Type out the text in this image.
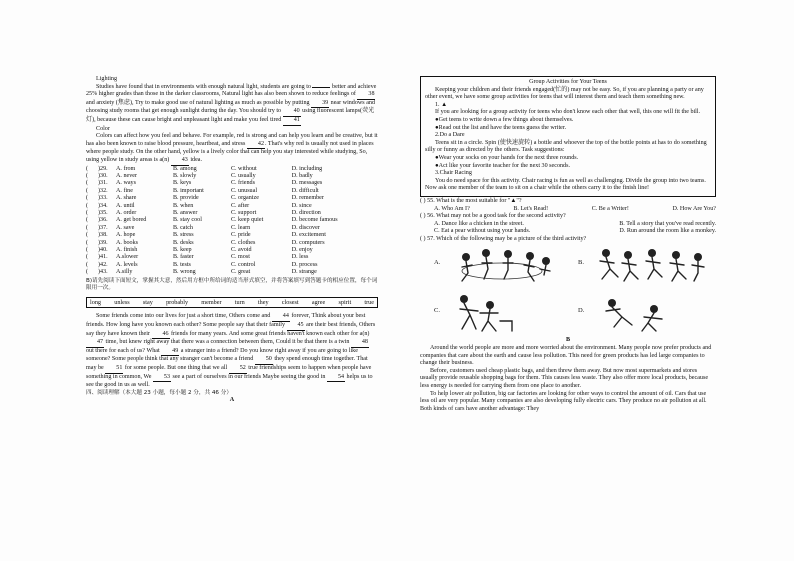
Lighting

Studies have found that in environments with enough natural light, students are going to	better and achieve 25% higher grades than those in the darker classrooms, Natural light has also been shown to reduce feelings of 38 and anxiety (焦虑), Try to make good use of natural lighting as much as possible by putting 39 near windows and choosing study rooms that get enough sunlight during the day. You should try to 40 using fluorescent lamps(荧光灯), because these can cause bright and unpleasant light and make you feel tired 41

Color

Colors can affect how you feel and behave. For example, red is strong and can help you learn and be creative, but it has also been known to raise blood pressure, heartbeat, and stress 42. That's why red is usually not used in places where people study. On the other hand, yellow is a lively color that can help you stay interested while studying, So, using yellow in study areas is a(n) 43 idea.

(	)29.	A. from	B. among	C. without	D. including
(	)30.	A. never	B. slowly	C. usually	D. badly
(	)31.	A. ways	B. keys	C. friends	D. messages
(	)32.	A. fine	B. important	C. unusual	D. difficult
(	)33.	A. share	B. provide	C. organize	D. remember
(	)34.	A. until	B. when	C. after	D. since
(	)35.	A. order	B. answer	C. support	D. direction
(	)36.	A. get bored	B. stay cool	C. keep quiet	D. become famous
(	)37.	A. save	B. catch	C. learn	D. discover
(	)38.	A. hope	B. stress	C. pride	D. excitement
(	)39.	A. books	B. desks	C. clothes	D. computers
(	)40.	A. finish	B. keep	C. avoid	D. enjoy
(	)41.	A.slower	B. faster	C. most	D. less
(	)42.	A. levels	B. tests	C. control	D. process
(	)43.	A.silly	B. wrong	C. great	D. strange

B)请先阅读下面短文，掌握其大意，然后用方框中所给词的适当形式填空，并将答案填写到答题卡的相应位置，每个词限用一次。

long unless stay probably member turn they closest agree spirit true

Some friends come into our lives for just a short time, Others come and 44 forever, Think about your best friends. How long have you known each other? Some people say that their family 45 are their best friends, Others say they have known their 46 friends for many years. And some great friends haven't known each other for a(n) 47 time, but knew right away that there was a connection between them, Could it be that there is a twin 48 out there for each of us? What 49 a stranger into a friend? Do you know right away if you are going to like someone? Some people think that any stranger can't become a friend 50 they spend enough time together. That may be 51 for some people. But one thing that we all 52 true friendships seem to happen when people have something in common, We 53 see a part of ourselves in our friends Maybe seeing the good in 54 helps us to see the good in us as well.

四、阅读理解（本大题 23 小题，每小题 2 分，共 46 分）

A

Group Activities for Your Teens

Keeping your children and their friends engaged(忙的) may not be easy. So, if you are planning a party or any other event, we have some group activities for teens that will interest them and teach them something new.

1. ▲

If you are looking for a group activity for teens who don't know each other that well, this one will fit the bill.

●Get teens to write down a few things about themselves.

●Read out the list and have the teens guess the writer.

2.Do a Dare

Teens sit in a circle. Spin (使快速旋转) a bottle and whoever the top of the bottle points at has to do something silly or funny as directed by the others. Task suggestions:

●Wear your socks on your hands for the next three rounds.

●Act like your favorite teacher for the next 30 seconds.

3.Chair Racing

You do need space for this activity. Chair racing is fun as well as challenging. Divide the group into two teams. Now ask one member of the team to sit on a chair while the others carry it to the finish line!

( ) 55. What is the most suitable for "▲"?

A. Who Am I?	B. Let's Read!	C. Be a Writer!	D. How Are You?

( ) 56. What may not be a good task for the second activity?

A. Dance like a chicken in the street.	B. Tell a story that you've read recently.
C. Eat a pear without using your hands.	D. Run around the room like a monkey.

( ) 57. Which of the following may be a picture of the third activity?

A.	B.
C.	D.

B

Around the world people are more and more worried about the environment. Many people now prefer products and companies that care about the earth and cause less pollution. This need for green products has led large companies to change their business.

Before, customers used cheap plastic bags, and then threw them away. But now most supermarkets and stores usually provide reusable shopping bags for them. This causes less waste. They also offer more local products, because less energy is needed for carrying them from one place to another.

To help lower air pollution, big car factories are looking for other ways to control the amount of oil. Cars that use less oil are very popular. Many companies are also developing fully electric cars. They produce no air pollution at all. Both kinds of cars have another advantage: They
